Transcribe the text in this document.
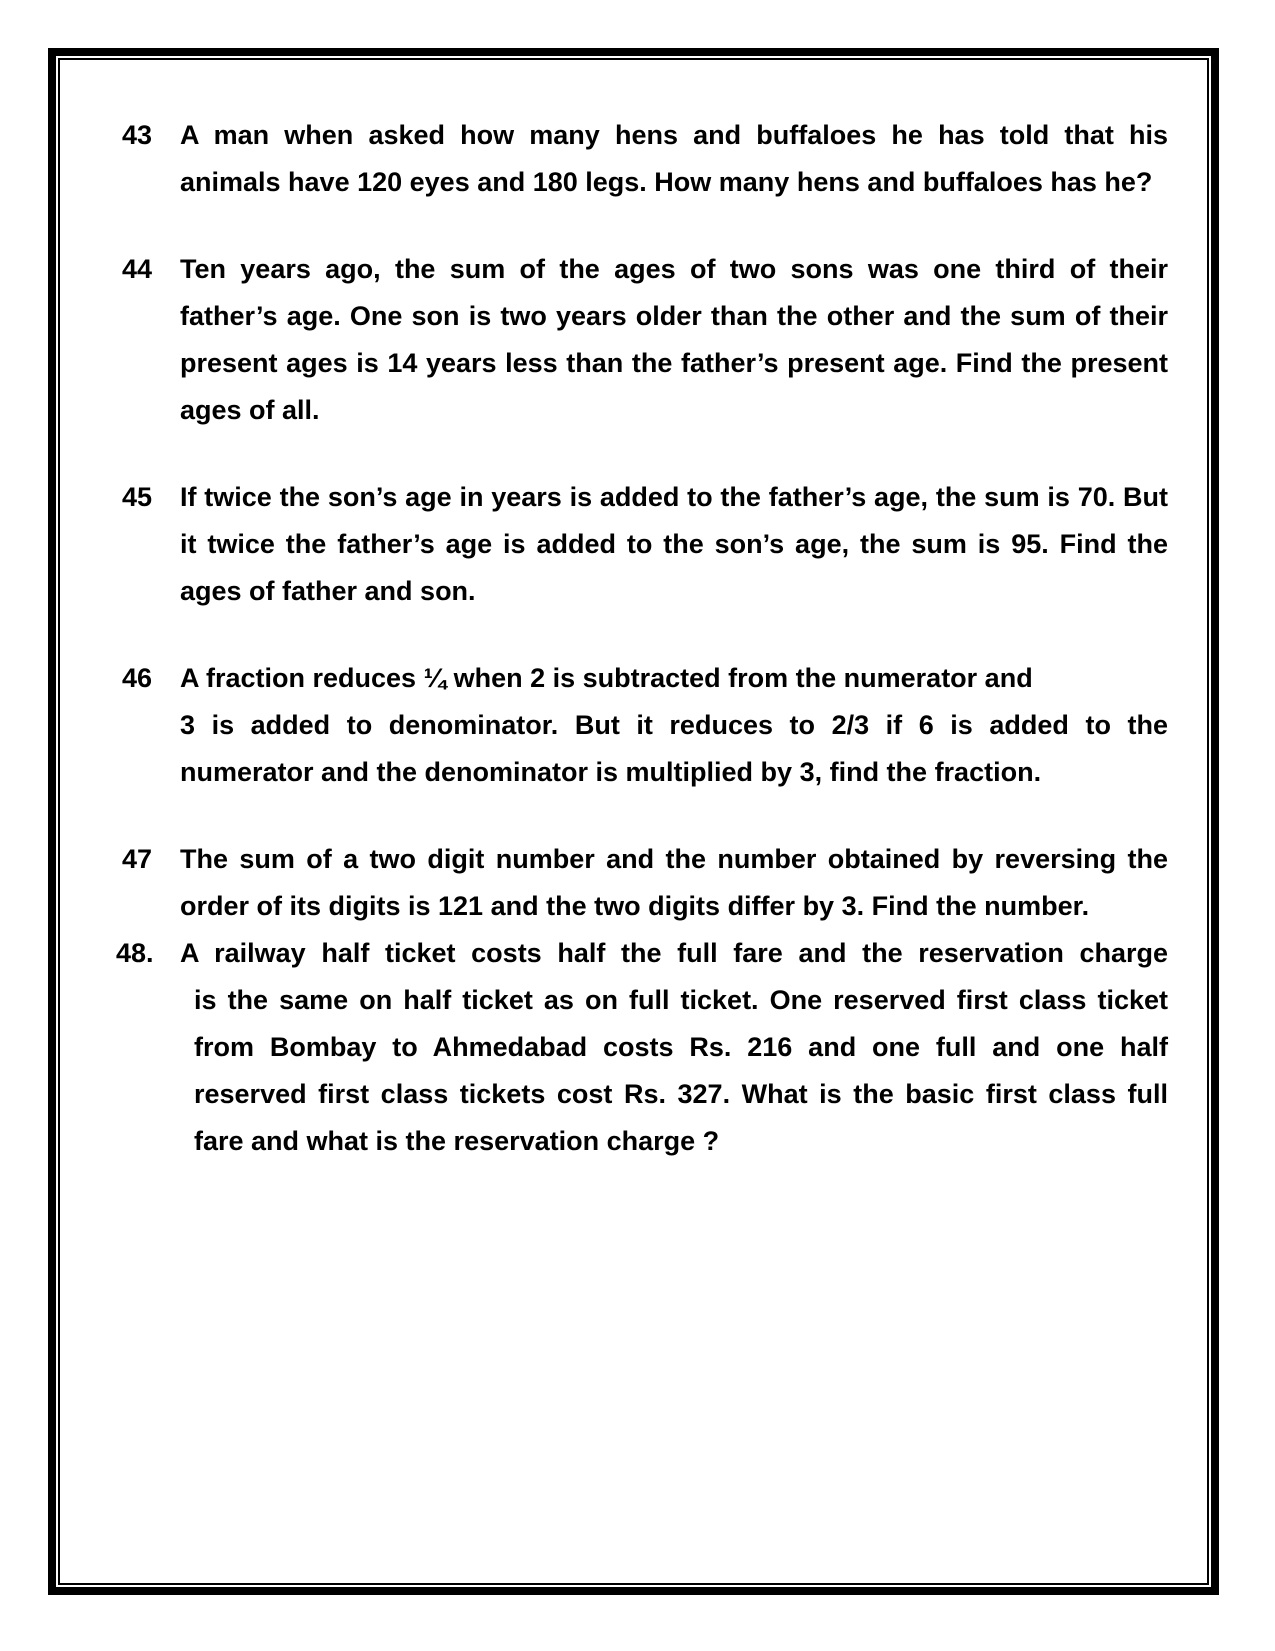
43	A man when asked how many hens and buffaloes he has told that his animals have 120 eyes and 180 legs. How many hens and buffaloes has he?
44	Ten years ago, the sum of the ages of two sons was one third of their father’s age. One son is two years older than the other and the sum of their present ages is 14 years less than the father’s present age. Find the present ages of all.
45	If twice the son’s age in years is added to the father’s age, the sum is 70. But it twice the father’s age is added to the son’s age, the sum is 95. Find the ages of father and son.
46	A fraction reduces ¼ when 2 is subtracted from the numerator and
3 is added to denominator. But it reduces to 2/3 if 6 is added to the numerator and the denominator is multiplied by 3, find the fraction.
47	The sum of a two digit number and the number obtained by reversing the order of its digits is 121 and the two digits differ by 3. Find the number.
48. A railway half ticket costs half the full fare and the reservation charge
is the same on half ticket as on full ticket. One reserved first class ticket from Bombay to Ahmedabad costs Rs. 216 and one full and one half reserved first class tickets cost Rs. 327. What is the basic first class full fare and what is the reservation charge ?
